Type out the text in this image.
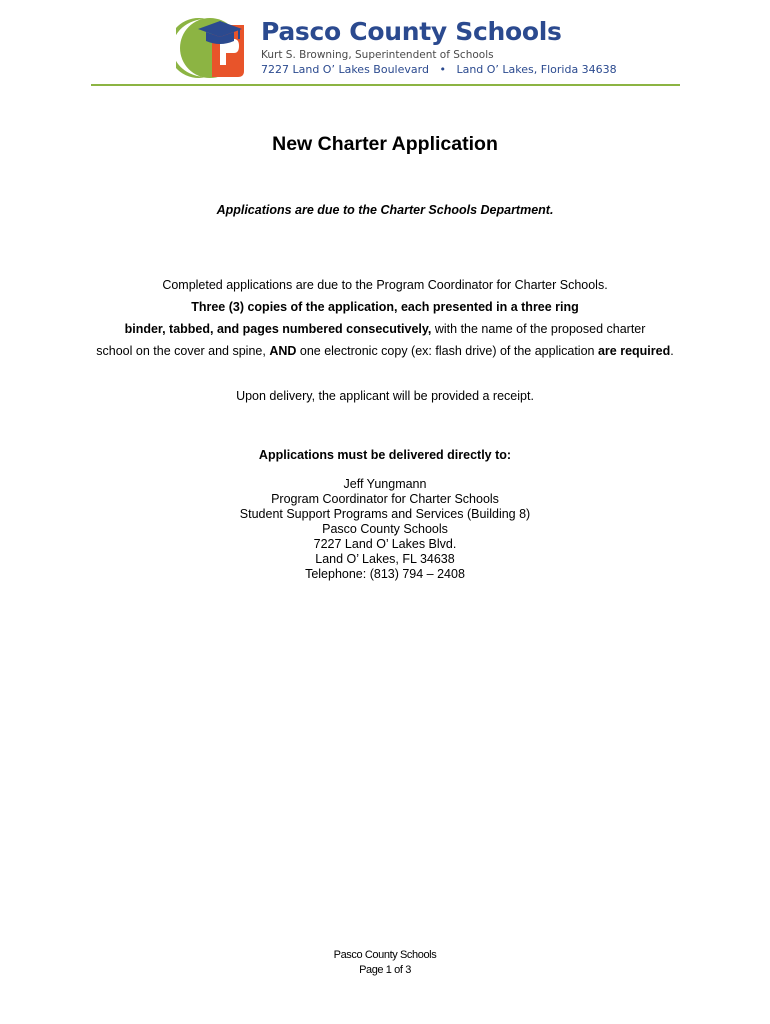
Pasco County Schools
Kurt S. Browning, Superintendent of Schools
7227 Land O’ Lakes Boulevard • Land O’ Lakes, Florida 34638
New Charter Application
Applications are due to the Charter Schools Department.
Completed applications are due to the Program Coordinator for Charter Schools.
Three (3) copies of the application, each presented in a three ring
binder, tabbed, and pages numbered consecutively, with the name of the proposed charter
school on the cover and spine, AND one electronic copy (ex: flash drive) of the application are required.
Upon delivery, the applicant will be provided a receipt.
Applications must be delivered directly to:
Jeff Yungmann
Program Coordinator for Charter Schools
Student Support Programs and Services (Building 8)
Pasco County Schools
7227 Land O’ Lakes Blvd.
Land O’ Lakes, FL 34638
Telephone: (813) 794 – 2408
Pasco County Schools
Page 1 of 3
